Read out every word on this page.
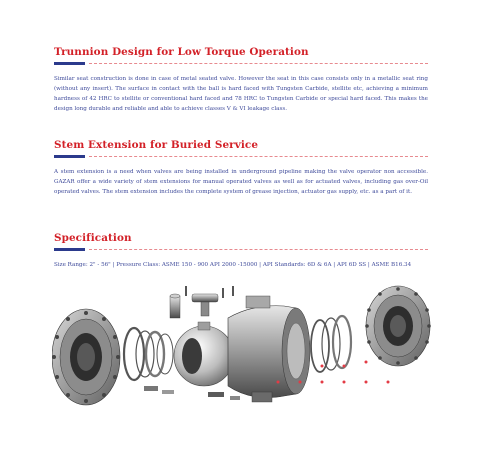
Trunnion Design for Low Torque Operation

Similar seat construction is done in case of metal seated valve. However the seat in this case consists only in a metallic seat ring (without any insert). The surface in contact with the ball is hard faced with Tungsten Carbide, stellite etc, achieving a minimum hardness of 42 HRC to stellite or conventional hard faced and 78 HRC to Tungsten Carbide or special hard faced. This makes the design long durable and reliable and able to achieve classes V & VI leakage class.

Stem Extension for Buried Service

A stem extension is a need when valves are being installed in underground pipeline making the valve operator non accessible. GAZAR offer a wide variety of stem extensions for manual operated valves as well as for actuated valves, including gas over-Oil operated valves. The stem extension includes the complete system of grease injection, actuator gas supply, etc. as a part of it.

Specification

Size Range: 2" - 56" | Pressure Class: ASME 150 - 900 API 2000 -15000 | API Standards: 6D & 6A | API 6D SS | ASME B16.34
